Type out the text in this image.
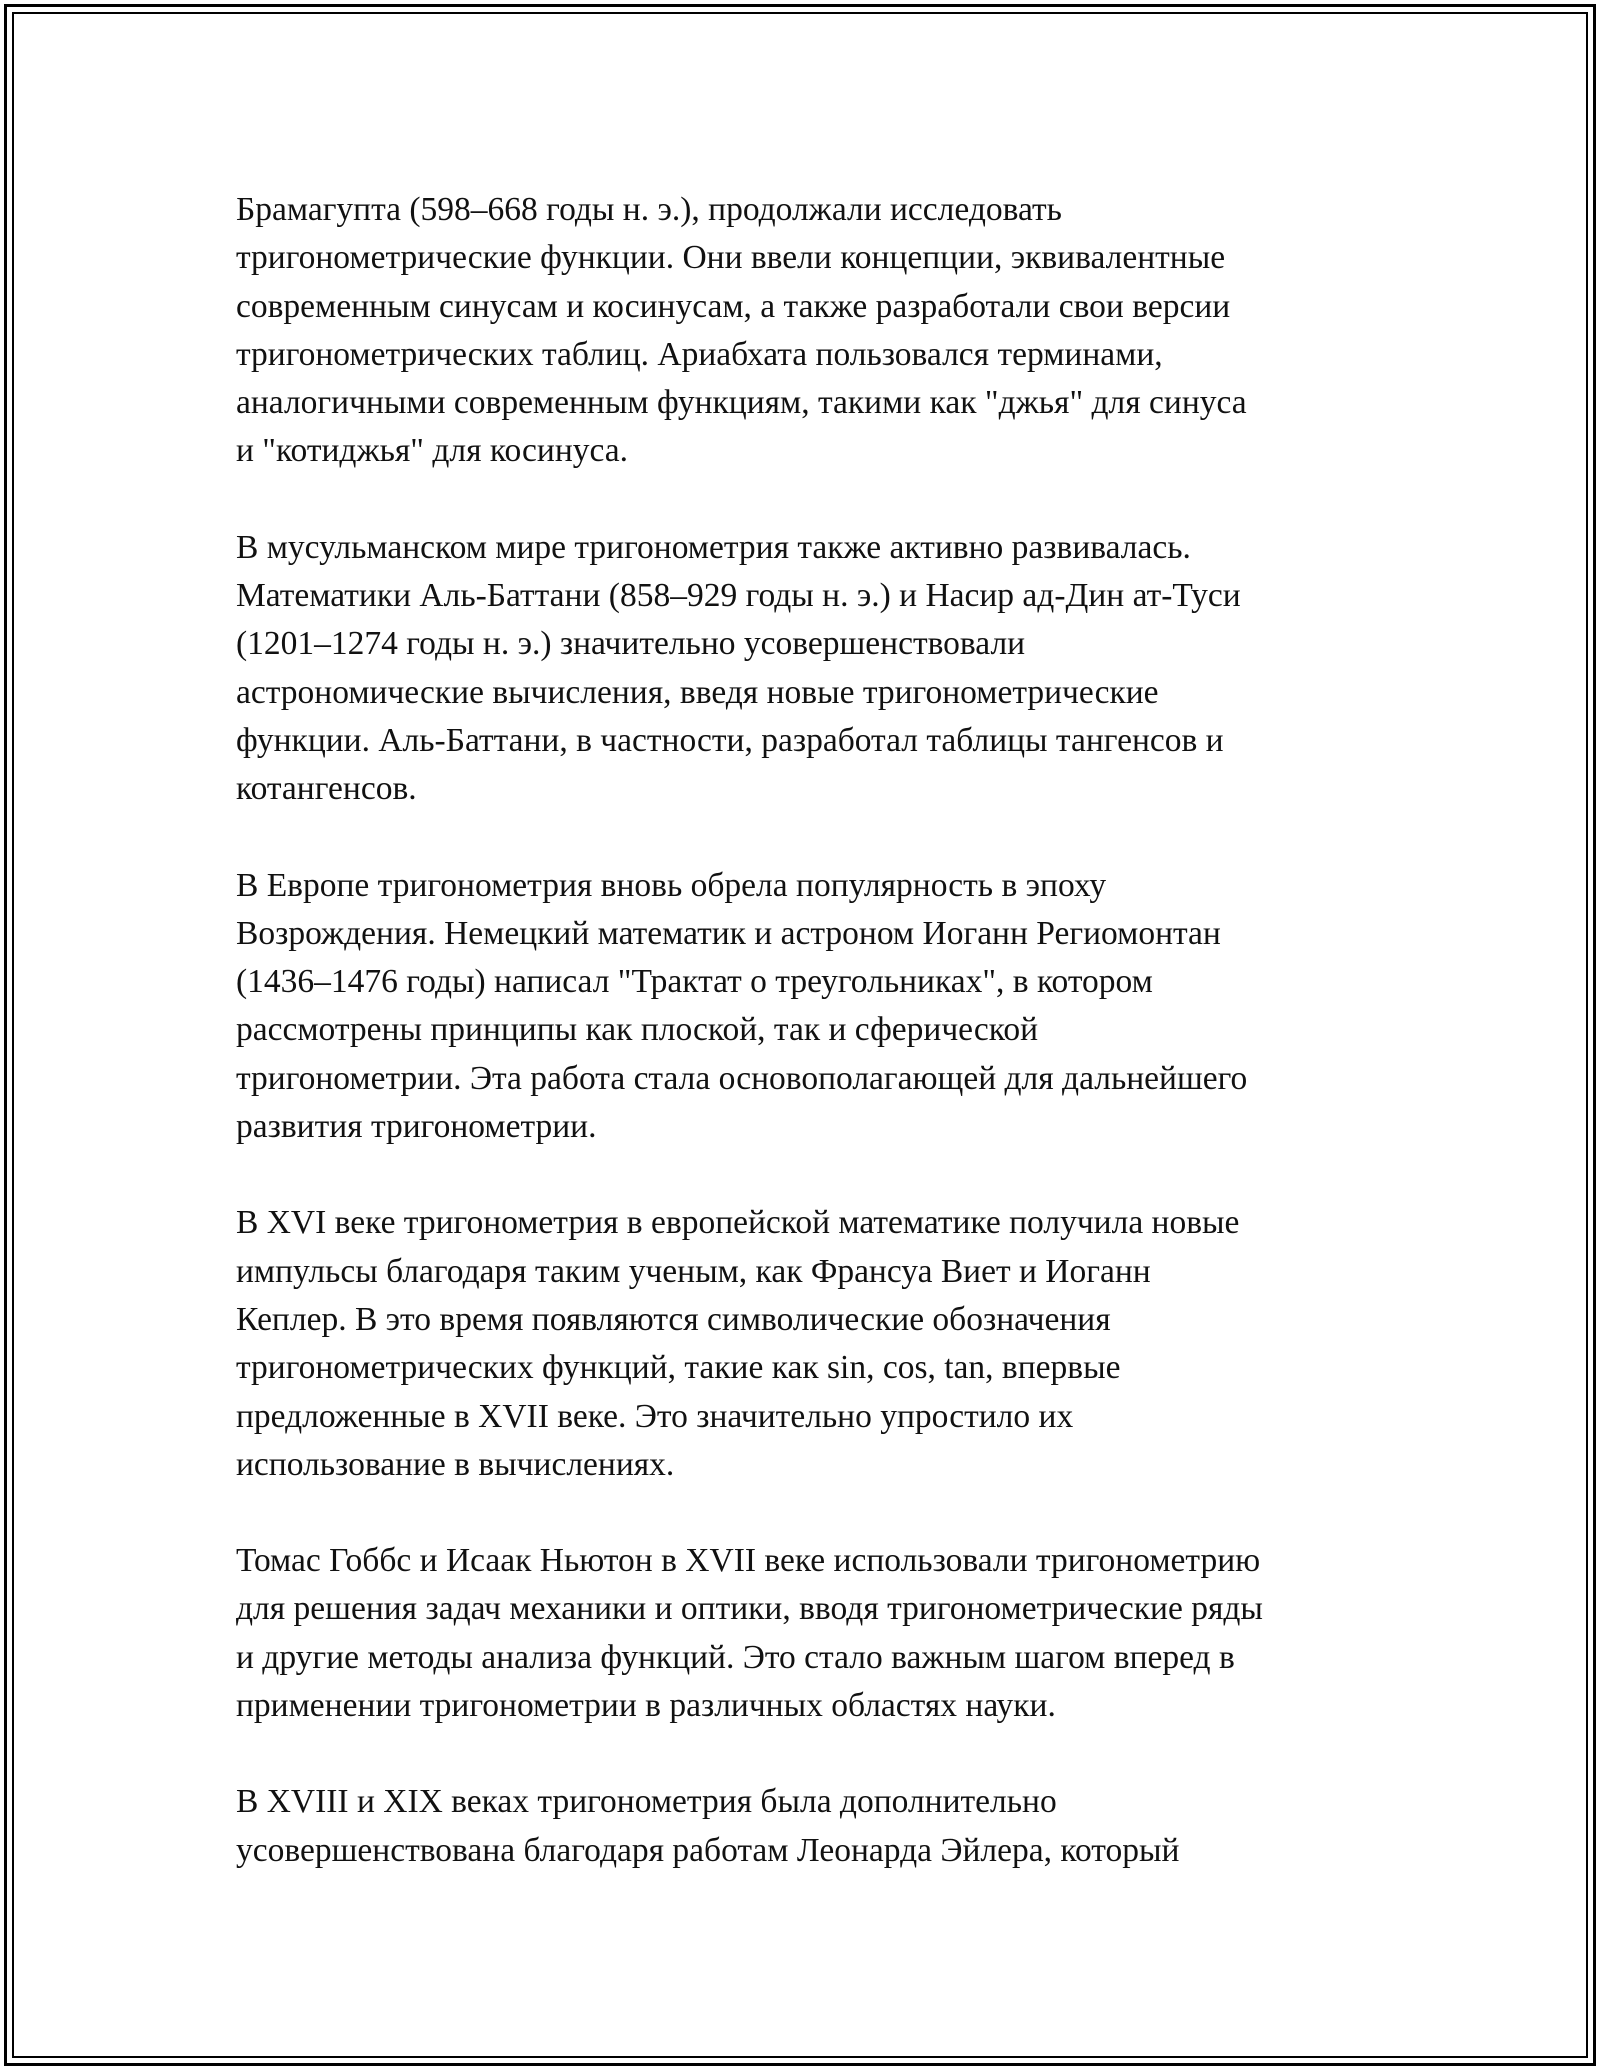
Брамагупта (598–668 годы н. э.), продолжали исследовать
тригонометрические функции. Они ввели концепции, эквивалентные
современным синусам и косинусам, а также разработали свои версии
тригонометрических таблиц. Ариабхата пользовался терминами,
аналогичными современным функциям, такими как "джья" для синуса
и "котиджья" для косинуса.

В мусульманском мире тригонометрия также активно развивалась.
Математики Аль-Баттани (858–929 годы н. э.) и Насир ад-Дин ат-Туси
(1201–1274 годы н. э.) значительно усовершенствовали
астрономические вычисления, введя новые тригонометрические
функции. Аль-Баттани, в частности, разработал таблицы тангенсов и
котангенсов.

В Европе тригонометрия вновь обрела популярность в эпоху
Возрождения. Немецкий математик и астроном Иоганн Региомонтан
(1436–1476 годы) написал "Трактат о треугольниках", в котором
рассмотрены принципы как плоской, так и сферической
тригонометрии. Эта работа стала основополагающей для дальнейшего
развития тригонометрии.

В XVI веке тригонометрия в европейской математике получила новые
импульсы благодаря таким ученым, как Франсуа Виет и Иоганн
Кеплер. В это время появляются символические обозначения
тригонометрических функций, такие как sin, cos, tan, впервые
предложенные в XVII веке. Это значительно упростило их
использование в вычислениях.

Томас Гоббс и Исаак Ньютон в XVII веке использовали тригонометрию
для решения задач механики и оптики, вводя тригонометрические ряды
и другие методы анализа функций. Это стало важным шагом вперед в
применении тригонометрии в различных областях науки.

В XVIII и XIX веках тригонометрия была дополнительно
усовершенствована благодаря работам Леонарда Эйлера, который
